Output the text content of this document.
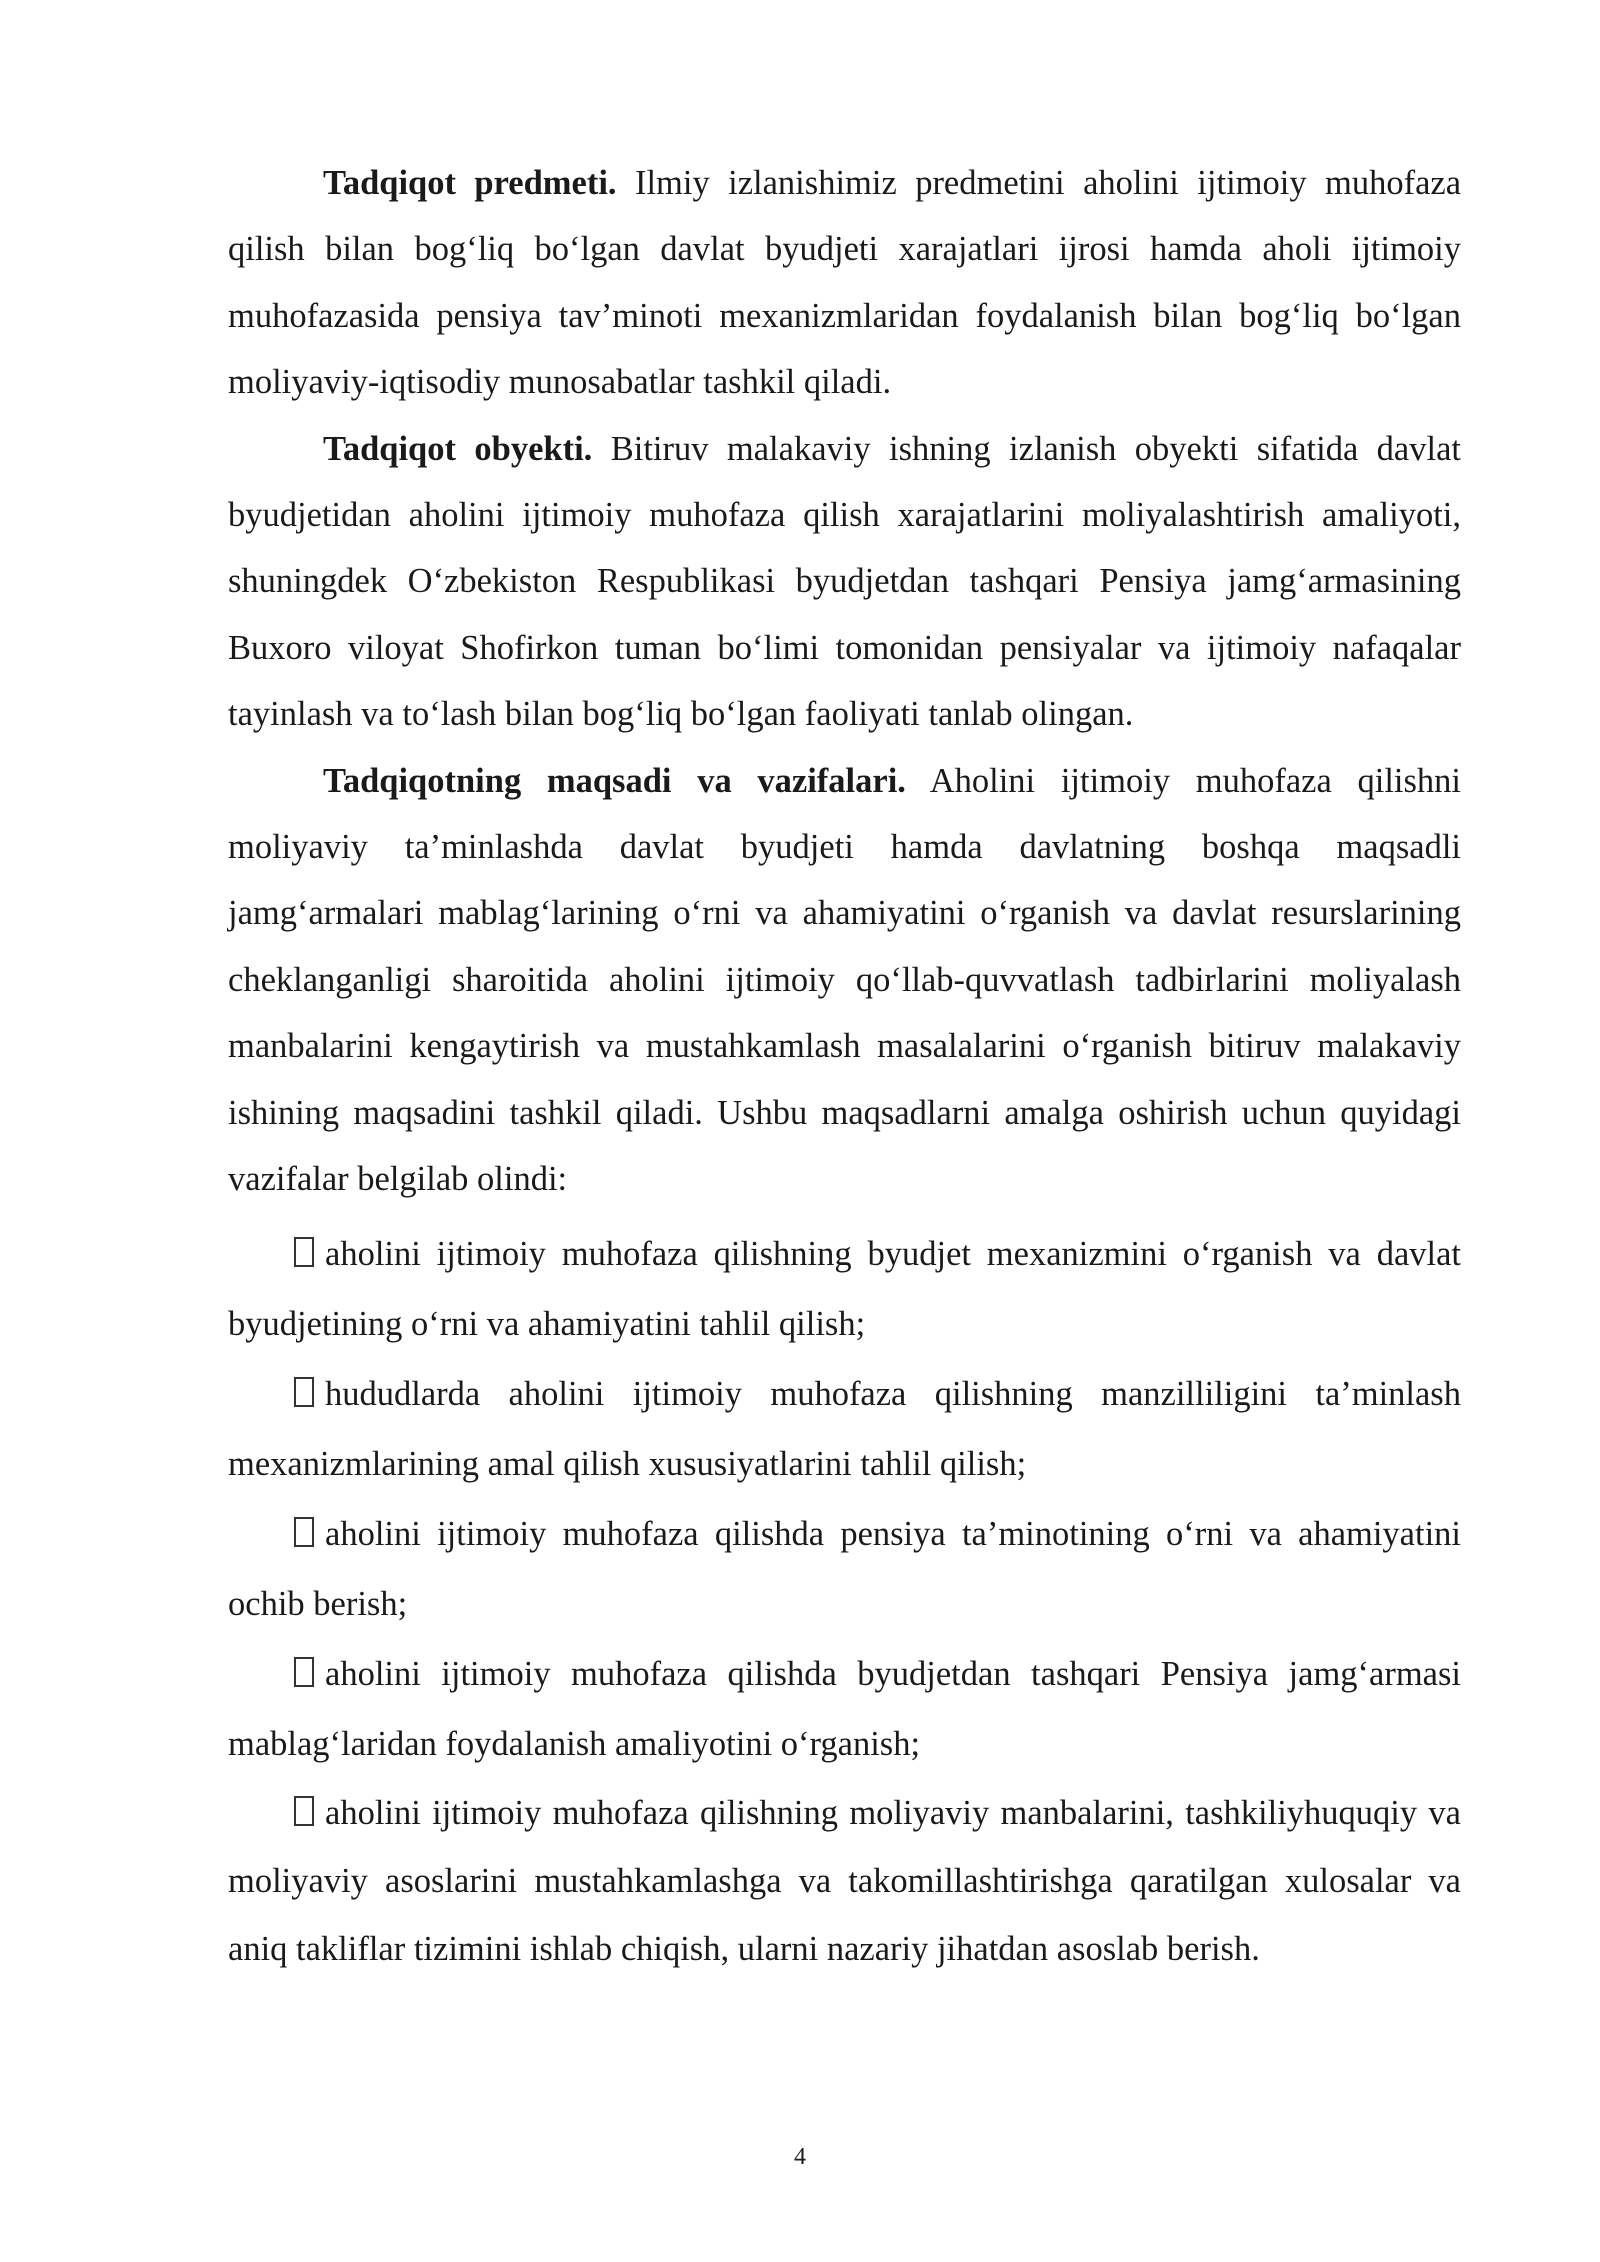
Tadqiqot predmeti. Ilmiy izlanishimiz predmetini aholini ijtimoiy muhofaza qilish bilan bog‘liq bo‘lgan davlat byudjeti xarajatlari ijrosi hamda aholi ijtimoiy muhofazasida pensiya tav’minoti mexanizmlaridan foydalanish bilan bog‘liq bo‘lgan moliyaviy-iqtisodiy munosabatlar tashkil qiladi.

Tadqiqot obyekti. Bitiruv malakaviy ishning izlanish obyekti sifatida davlat byudjetidan aholini ijtimoiy muhofaza qilish xarajatlarini moliyalashtirish amaliyoti, shuningdek O‘zbekiston Respublikasi byudjetdan tashqari Pensiya jamg‘armasining Buxoro viloyat Shofirkon tuman bo‘limi tomonidan pensiyalar va ijtimoiy nafaqalar tayinlash va to‘lash bilan bog‘liq bo‘lgan faoliyati tanlab olingan.

Tadqiqotning maqsadi va vazifalari. Aholini ijtimoiy muhofaza qilishni moliyaviy ta’minlashda davlat byudjeti hamda davlatning boshqa maqsadli jamg‘armalari mablag‘larining o‘rni va ahamiyatini o‘rganish va davlat resurslarining cheklanganligi sharoitida aholini ijtimoiy qo‘llab-quvvatlash tadbirlarini moliyalash manbalarini kengaytirish va mustahkamlash masalalarini o‘rganish bitiruv malakaviy ishining maqsadini tashkil qiladi. Ushbu maqsadlarni amalga oshirish uchun quyidagi vazifalar belgilab olindi:

aholini ijtimoiy muhofaza qilishning byudjet mexanizmini o‘rganish va davlat byudjetining o‘rni va ahamiyatini tahlil qilish;

hududlarda aholini ijtimoiy muhofaza qilishning manzilliligini ta’minlash mexanizmlarining amal qilish xususiyatlarini tahlil qilish;

aholini ijtimoiy muhofaza qilishda pensiya ta’minotining o‘rni va ahamiyatini ochib berish;

aholini ijtimoiy muhofaza qilishda byudjetdan tashqari Pensiya jamg‘armasi mablag‘laridan foydalanish amaliyotini o‘rganish;

aholini ijtimoiy muhofaza qilishning moliyaviy manbalarini, tashkiliyhuquqiy va moliyaviy asoslarini mustahkamlashga va takomillashtirishga qaratilgan xulosalar va aniq takliflar tizimini ishlab chiqish, ularni nazariy jihatdan asoslab berish.

4
